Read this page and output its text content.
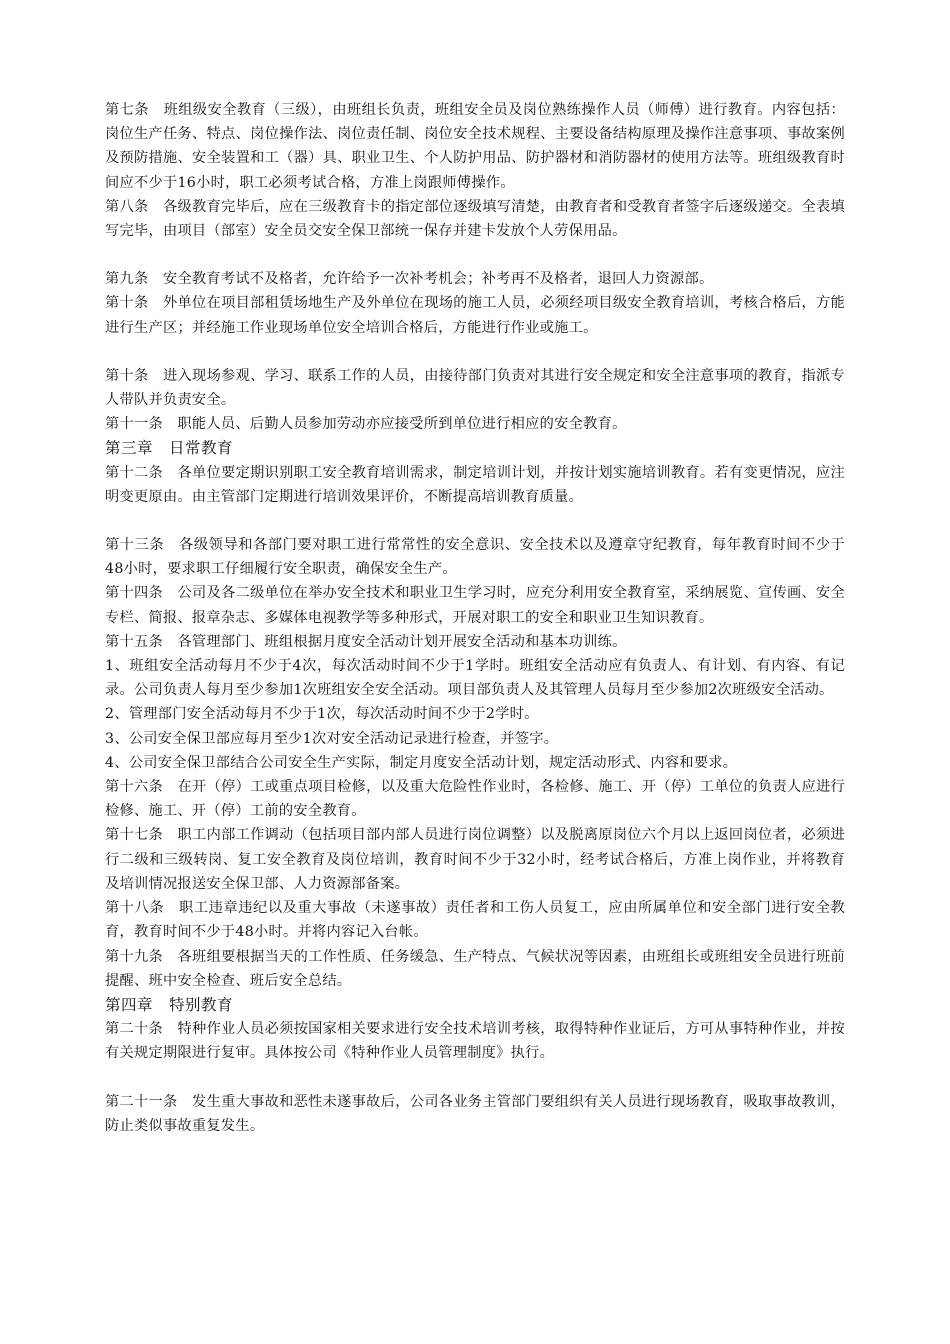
第七条　班组级安全教育（三级），由班组长负责，班组安全员及岗位熟练操作人员（师傅）进行教育。内容包括：岗位生产任务、特点、岗位操作法、岗位责任制、岗位安全技术规程、主要设备结构原理及操作注意事项、事故案例及预防措施、安全装置和工（器）具、职业卫生、个人防护用品、防护器材和消防器材的使用方法等。班组级教育时间应不少于16小时，职工必须考试合格，方准上岗跟师傅操作。

第八条　各级教育完毕后，应在三级教育卡的指定部位逐级填写清楚，由教育者和受教育者签字后逐级递交。全表填写完毕，由项目（部室）安全员交安全保卫部统一保存并建卡发放个人劳保用品。

第九条　安全教育考试不及格者，允许给予一次补考机会；补考再不及格者，退回人力资源部。

第十条　外单位在项目部租赁场地生产及外单位在现场的施工人员，必须经项目级安全教育培训，考核合格后，方能进行生产区；并经施工作业现场单位安全培训合格后，方能进行作业或施工。

第十条　进入现场参观、学习、联系工作的人员，由接待部门负责对其进行安全规定和安全注意事项的教育，指派专人带队并负责安全。

第十一条　职能人员、后勤人员参加劳动亦应接受所到单位进行相应的安全教育。

第三章　日常教育

第十二条　各单位要定期识别职工安全教育培训需求，制定培训计划，并按计划实施培训教育。若有变更情况，应注明变更原由。由主管部门定期进行培训效果评价，不断提高培训教育质量。

第十三条　各级领导和各部门要对职工进行常常性的安全意识、安全技术以及遵章守纪教育，每年教育时间不少于48小时，要求职工仔细履行安全职责，确保安全生产。

第十四条　公司及各二级单位在举办安全技术和职业卫生学习时，应充分利用安全教育室，采纳展览、宣传画、安全专栏、简报、报章杂志、多媒体电视教学等多种形式，开展对职工的安全和职业卫生知识教育。

第十五条　各管理部门、班组根据月度安全活动计划开展安全活动和基本功训练。

1、班组安全活动每月不少于4次，每次活动时间不少于1学时。班组安全活动应有负责人、有计划、有内容、有记录。公司负责人每月至少参加1次班组安全安全活动。项目部负责人及其管理人员每月至少参加2次班级安全活动。

2、管理部门安全活动每月不少于1次，每次活动时间不少于2学时。

3、公司安全保卫部应每月至少1次对安全活动记录进行检查，并签字。

4、公司安全保卫部结合公司安全生产实际，制定月度安全活动计划，规定活动形式、内容和要求。

第十六条　在开（停）工或重点项目检修，以及重大危险性作业时，各检修、施工、开（停）工单位的负责人应进行检修、施工、开（停）工前的安全教育。

第十七条　职工内部工作调动（包括项目部内部人员进行岗位调整）以及脱离原岗位六个月以上返回岗位者，必须进行二级和三级转岗、复工安全教育及岗位培训，教育时间不少于32小时，经考试合格后，方准上岗作业，并将教育及培训情况报送安全保卫部、人力资源部备案。

第十八条　职工违章违纪以及重大事故（未遂事故）责任者和工伤人员复工，应由所属单位和安全部门进行安全教育，教育时间不少于48小时。并将内容记入台帐。

第十九条　各班组要根据当天的工作性质、任务缓急、生产特点、气候状况等因素，由班组长或班组安全员进行班前提醒、班中安全检查、班后安全总结。

第四章　特别教育

第二十条　特种作业人员必须按国家相关要求进行安全技术培训考核，取得特种作业证后，方可从事特种作业，并按有关规定期限进行复审。具体按公司《特种作业人员管理制度》执行。

第二十一条　发生重大事故和恶性未遂事故后，公司各业务主管部门要组织有关人员进行现场教育，吸取事故教训，防止类似事故重复发生。
